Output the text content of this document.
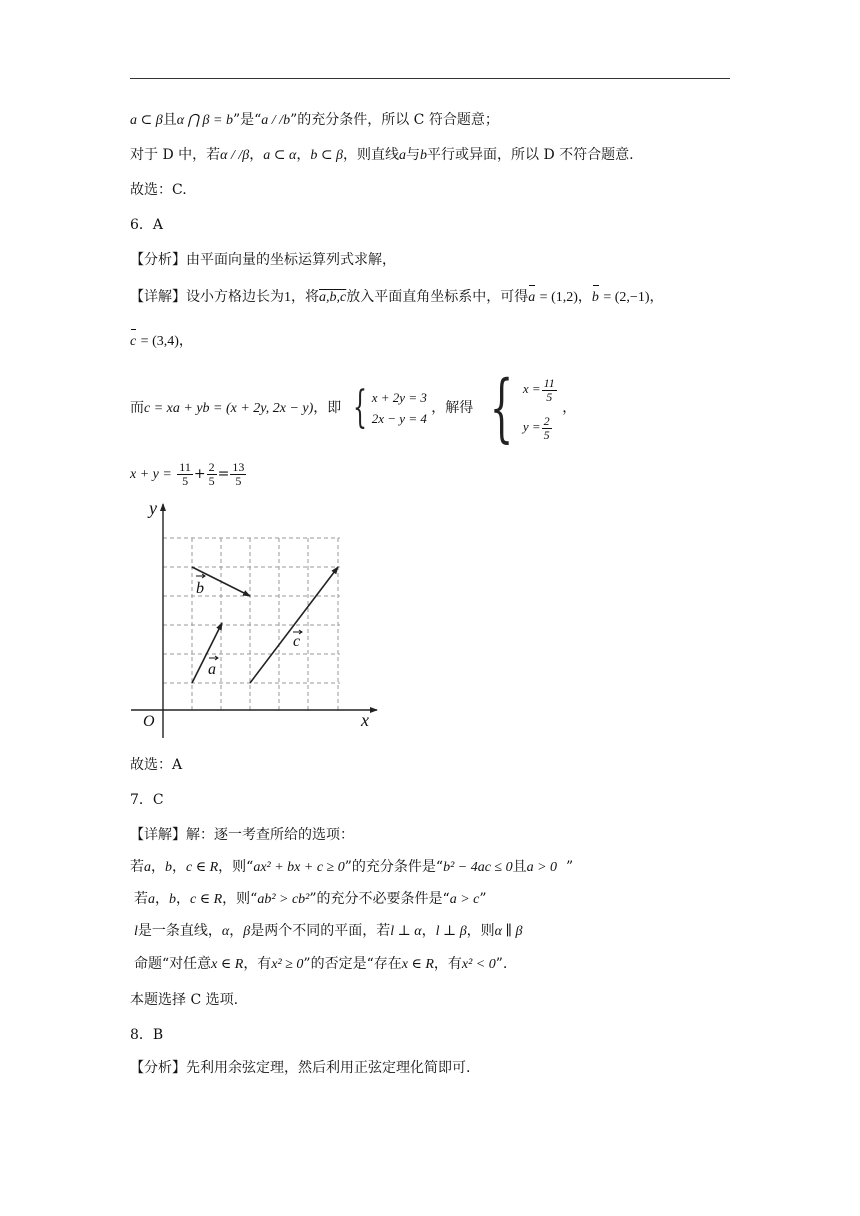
a ⊂ β且α ⋂ β = b”是“a / /b”的充分条件，所以 C 符合题意；
对于 D 中，若α / /β，a ⊂ α，b ⊂ β，则直线a与b平行或异面，所以 D 不符合题意.
故选：C.
6．A
【分析】由平面向量的坐标运算列式求解，
【详解】设小方格边长为1，将a,b,c放入平面直角坐标系中，可得a = (1,2)，b = (2,−1)，
c = (3,4)，
而c = xa + yb = (x + 2y, 2x − y)，即 { x + 2y = 3
2x − y = 4
，解得 { $x = \frac{11}{5}$
$y = \frac{2}{5}$
，
$x + y = \frac{11}{5} + \frac{2}{5} = \frac{13}{5}$
y
x
O
a
b
c
故选：A
7．C
【详解】解：逐一考查所给的选项：
若a，b，c ∈ R，则“ax² + bx + c ≥ 0”的充分条件是“b² − 4ac ≤ 0且a > 0  ”
若a，b，c ∈ R，则“ab² > cb²”的充分不必要条件是“a > c”
l是一条直线，α，β是两个不同的平面，若l ⊥ α，l ⊥ β，则α ∥ β
命题“对任意x ∈ R，有x² ≥ 0”的否定是“存在x ∈ R，有x² < 0”.
本题选择 C 选项.
8．B
【分析】先利用余弦定理，然后利用正弦定理化简即可.
